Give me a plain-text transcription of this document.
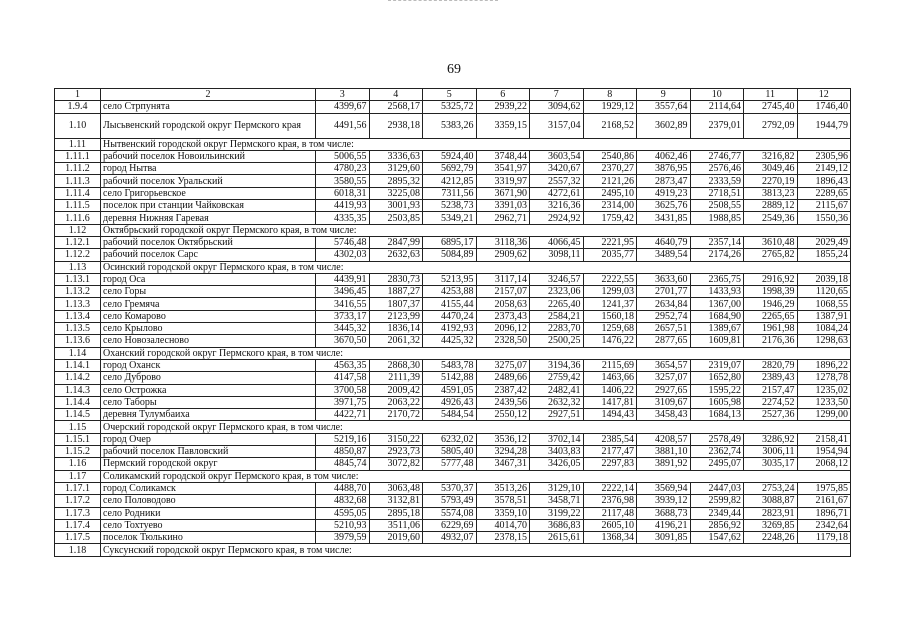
69
1	2	3	4	5	6	7	8	9	10	11	12
1.9.4	село Стрпунята	4399,67	2568,17	5325,72	2939,22	3094,62	1929,12	3557,64	2114,64	2745,40	1746,40
1.10	Лысьвенский городской округ Пермского края	4491,56	2938,18	5383,26	3359,15	3157,04	2168,52	3602,89	2379,01	2792,09	1944,79
1.11	Нытвенский городской округ Пермского края, в том числе:										
1.11.1	рабочий поселок Новоильинский	5006,55	3336,63	5924,40	3748,44	3603,54	2540,86	4062,46	2746,77	3216,82	2305,96
1.11.2	город Нытва	4780,23	3129,60	5692,79	3541,97	3420,67	2370,27	3876,95	2576,46	3049,46	2149,12
1.11.3	рабочий поселок Уральский	3580,55	2895,32	4212,85	3319,97	2557,32	2121,26	2873,47	2333,59	2270,19	1896,43
1.11.4	село Григорьевское	6018,31	3225,08	7311,56	3671,90	4272,61	2495,10	4919,23	2718,51	3813,23	2289,65
1.11.5	поселок при станции Чайковская	4419,93	3001,93	5238,73	3391,03	3216,36	2314,00	3625,76	2508,55	2889,12	2115,67
1.11.6	деревня Нижняя Гаревая	4335,35	2503,85	5349,21	2962,71	2924,92	1759,42	3431,85	1988,85	2549,36	1550,36
1.12	Октябрьский городской округ Пермского края, в том числе:										
1.12.1	рабочий поселок Октябрьский	5746,48	2847,99	6895,17	3118,36	4066,45	2221,95	4640,79	2357,14	3610,48	2029,49
1.12.2	рабочий поселок Сарс	4302,03	2632,63	5084,89	2909,62	3098,11	2035,77	3489,54	2174,26	2765,82	1855,24
1.13	Осинский городской округ Пермского края, в том числе:										
1.13.1	город Оса	4439,91	2830,73	5213,95	3117,14	3246,57	2222,55	3633,60	2365,75	2916,92	2039,18
1.13.2	село Горы	3496,45	1887,27	4253,88	2157,07	2323,06	1299,03	2701,77	1433,93	1998,39	1120,65
1.13.3	село Гремяча	3416,55	1807,37	4155,44	2058,63	2265,40	1241,37	2634,84	1367,00	1946,29	1068,55
1.13.4	село Комарово	3733,17	2123,99	4470,24	2373,43	2584,21	1560,18	2952,74	1684,90	2265,65	1387,91
1.13.5	село Крылово	3445,32	1836,14	4192,93	2096,12	2283,70	1259,68	2657,51	1389,67	1961,98	1084,24
1.13.6	село Новозалесново	3670,50	2061,32	4425,32	2328,50	2500,25	1476,22	2877,65	1609,81	2176,36	1298,63
1.14	Оханский городской округ Пермского края, в том числе:										
1.14.1	город Оханск	4563,35	2868,30	5483,78	3275,07	3194,36	2115,69	3654,57	2319,07	2820,79	1896,22
1.14.2	село Дуброво	4147,58	2111,39	5142,88	2489,66	2759,42	1463,66	3257,07	1652,80	2389,43	1278,78
1.14.3	село Острожка	3700,58	2009,42	4591,05	2387,42	2482,41	1406,22	2927,65	1595,22	2157,47	1235,02
1.14.4	село Таборы	3971,75	2063,22	4926,43	2439,56	2632,32	1417,81	3109,67	1605,98	2274,52	1233,50
1.14.5	деревня Тулумбаиха	4422,71	2170,72	5484,54	2550,12	2927,51	1494,43	3458,43	1684,13	2527,36	1299,00
1.15	Очерский городской округ Пермского края, в том числе:										
1.15.1	город Очер	5219,16	3150,22	6232,02	3536,12	3702,14	2385,54	4208,57	2578,49	3286,92	2158,41
1.15.2	рабочий поселок Павловский	4850,87	2923,73	5805,40	3294,28	3403,83	2177,47	3881,10	2362,74	3006,11	1954,94
1.16	Пермский городской округ	4845,74	3072,82	5777,48	3467,31	3426,05	2297,83	3891,92	2495,07	3035,17	2068,12
1.17	Соликамский городской округ Пермского края, в том числе:										
1.17.1	город Соликамск	4488,70	3063,48	5370,37	3513,26	3129,10	2222,14	3569,94	2447,03	2753,24	1975,85
1.17.2	село Половодово	4832,68	3132,81	5793,49	3578,51	3458,71	2376,98	3939,12	2599,82	3088,87	2161,67
1.17.3	село Родники	4595,05	2895,18	5574,08	3359,10	3199,22	2117,48	3688,73	2349,44	2823,91	1896,71
1.17.4	село Тохтуево	5210,93	3511,06	6229,69	4014,70	3686,83	2605,10	4196,21	2856,92	3269,85	2342,64
1.17.5	поселок Тюлькино	3979,59	2019,60	4932,07	2378,15	2615,61	1368,34	3091,85	1547,62	2248,26	1179,18
1.18	Суксунский городской округ Пермского края, в том числе:										
